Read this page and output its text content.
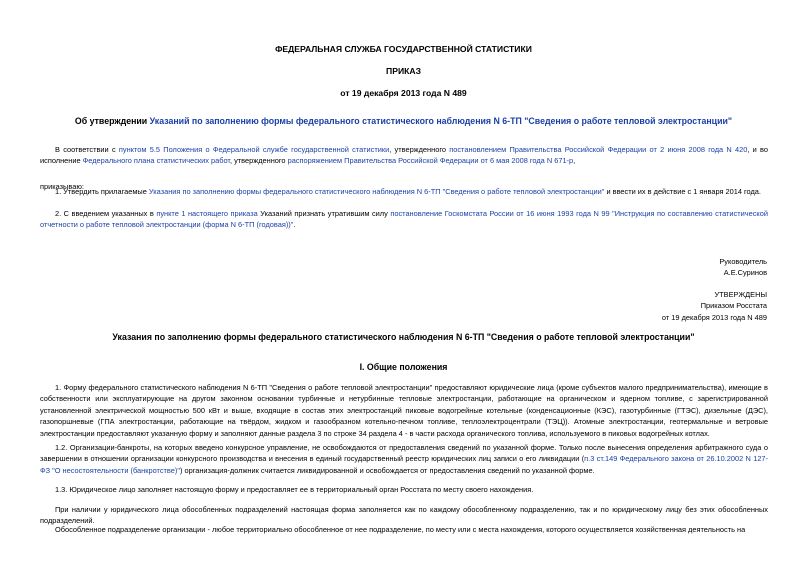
ФЕДЕРАЛЬНАЯ СЛУЖБА ГОСУДАРСТВЕННОЙ СТАТИСТИКИ
ПРИКАЗ
от 19 декабря 2013 года N 489
Об утверждении Указаний по заполнению формы федерального статистического наблюдения N 6-ТП "Сведения о работе тепловой электростанции"

В соответствии с пунктом 5.5 Положения о Федеральной службе государственной статистики, утвержденного постановлением Правительства Российской Федерации от 2 июня 2008 года N 420, и во исполнение Федерального плана статистических работ, утвержденного распоряжением Правительства Российской Федерации от 6 мая 2008 года N 671-р,

приказываю:

1. Утвердить прилагаемые Указания по заполнению формы федерального статистического наблюдения N 6-ТП "Сведения о работе тепловой электростанции" и ввести их в действие с 1 января 2014 года.

2. С введением указанных в пункте 1 настоящего приказа Указаний признать утратившим силу постановление Госкомстата России от 16 июня 1993 года N 99 "Инструкция по составлению статистической отчетности о работе тепловой электростанции (форма N 6-ТП (годовая))".

Руководитель
А.Е.Суринов
УТВЕРЖДЕНЫ
Приказом Росстата
от 19 декабря 2013 года N 489
Указания по заполнению формы федерального статистического наблюдения N 6-ТП "Сведения о работе тепловой электростанции"
I. Общие положения

1. Форму федерального статистического наблюдения N 6-ТП "Сведения о работе тепловой электростанции" предоставляют юридические лица (кроме субъектов малого предпринимательства), имеющие в собственности или эксплуатирующие на другом законном основании турбинные и нетурбинные тепловые электростанции, работающие на органическом и ядерном топливе, с зарегистрированной установленной электрической мощностью 500 кВт и выше, входящие в состав этих электростанций пиковые водогрейные котельные (конденсационные (КЭС), газотурбинные (ГТЭС), дизельные (ДЭС), газопоршневые (ГПА электростанции, работающие на твёрдом, жидком и газообразном котельно-печном топливе, теплоэлектроцентрали (ТЭЦ)). Атомные электростанции, геотермальные и ветровые электростанции предоставляют указанную форму и заполняют данные раздела 3 по строке 34 раздела 4 - в части расхода органического топлива, используемого в пиковых водогрейных котлах.

1.2. Организации-банкроты, на которых введено конкурсное управление, не освобождаются от предоставления сведений по указанной форме. Только после вынесения определения арбитражного суда о завершении в отношении организации конкурсного производства и внесения в единый государственный реестр юридических лиц записи о его ликвидации (п.3 ст.149 Федерального закона от 26.10.2002 N 127-ФЗ "О несостоятельности (банкротстве)") организация-должник считается ликвидированной и освобождается от предоставления сведений по указанной форме.

1.3. Юридическое лицо заполняет настоящую форму и предоставляет ее в территориальный орган Росстата по месту своего нахождения.

При наличии у юридического лица обособленных подразделений настоящая форма заполняется как по каждому обособленному подразделению, так и по юридическому лицу без этих обособленных подразделений.

Обособленное подразделение организации - любое территориально обособленное от нее подразделение, по месту или с места нахождения, которого осуществляется хозяйственная деятельность на
